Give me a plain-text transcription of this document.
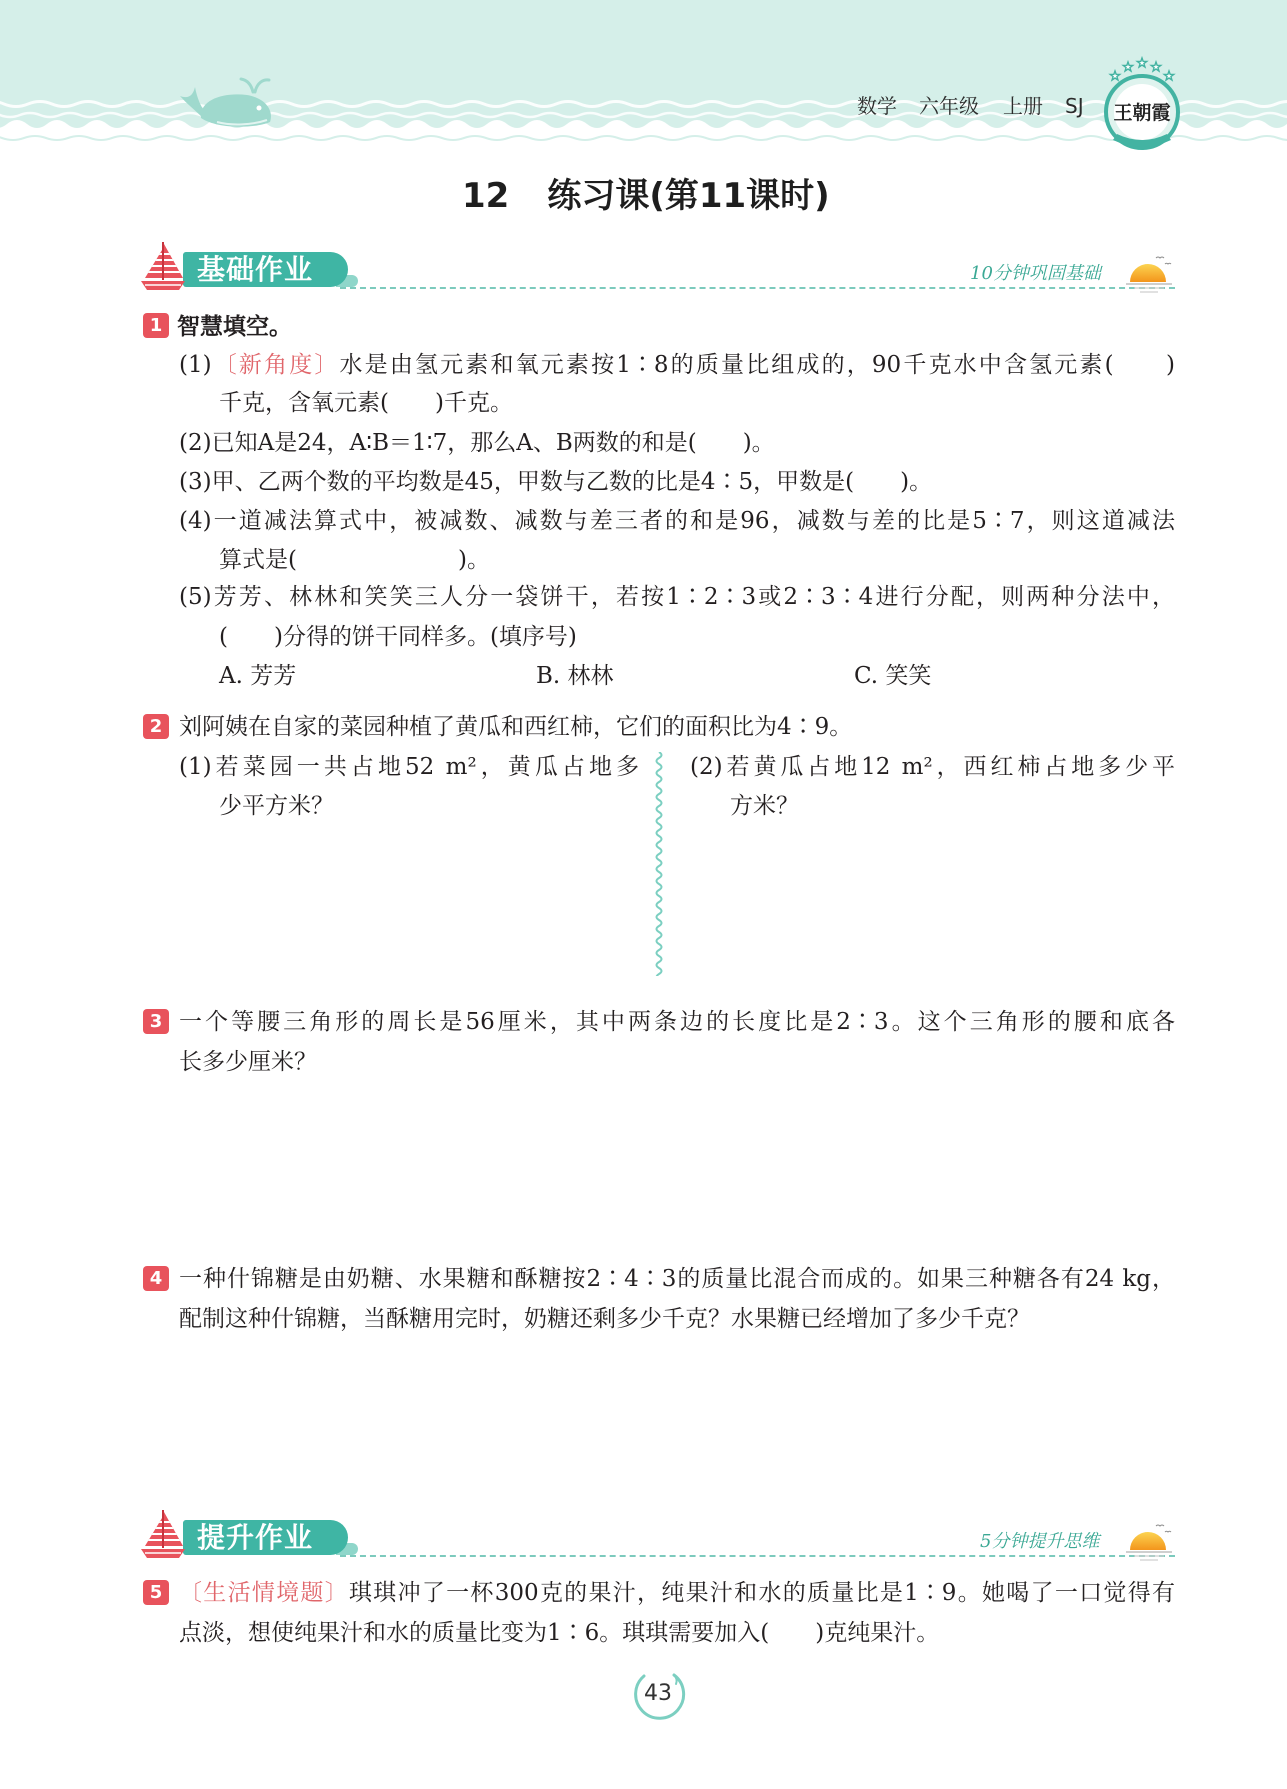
数学 六年级 上册 SJ 王朝霞
12 练习课(第11课时)
基础作业	10分钟巩固基础
1 智慧填空。
(1)〔新角度〕水是由氢元素和氧元素按1∶8的质量比组成的，90千克水中含氢元素(　　)
千克，含氧元素(　　)千克。
(2)已知A是24，A∶B＝1∶7，那么A、B两数的和是(　　)。
(3)甲、乙两个数的平均数是45，甲数与乙数的比是4∶5，甲数是(　　)。
(4)一道减法算式中，被减数、减数与差三者的和是96，减数与差的比是5∶7，则这道减法
算式是(　　　　　　　)。
(5)芳芳、林林和笑笑三人分一袋饼干，若按1∶2∶3或2∶3∶4进行分配，则两种分法中，
(　　)分得的饼干同样多。(填序号)
A. 芳芳	B. 林林	C. 笑笑
2 刘阿姨在自家的菜园种植了黄瓜和西红柿，它们的面积比为4∶9。
(1)若菜园一共占地52 m²，黄瓜占地多
少平方米？
(2)若黄瓜占地12 m²，西红柿占地多少平
方米？
3 一个等腰三角形的周长是56厘米，其中两条边的长度比是2∶3。这个三角形的腰和底各
长多少厘米？
4 一种什锦糖是由奶糖、水果糖和酥糖按2∶4∶3的质量比混合而成的。如果三种糖各有24 kg，
配制这种什锦糖，当酥糖用完时，奶糖还剩多少千克？水果糖已经增加了多少千克？
提升作业	5分钟提升思维
5 〔生活情境题〕琪琪冲了一杯300克的果汁，纯果汁和水的质量比是1∶9。她喝了一口觉得有
点淡，想使纯果汁和水的质量比变为1∶6。琪琪需要加入(　　)克纯果汁。
43
